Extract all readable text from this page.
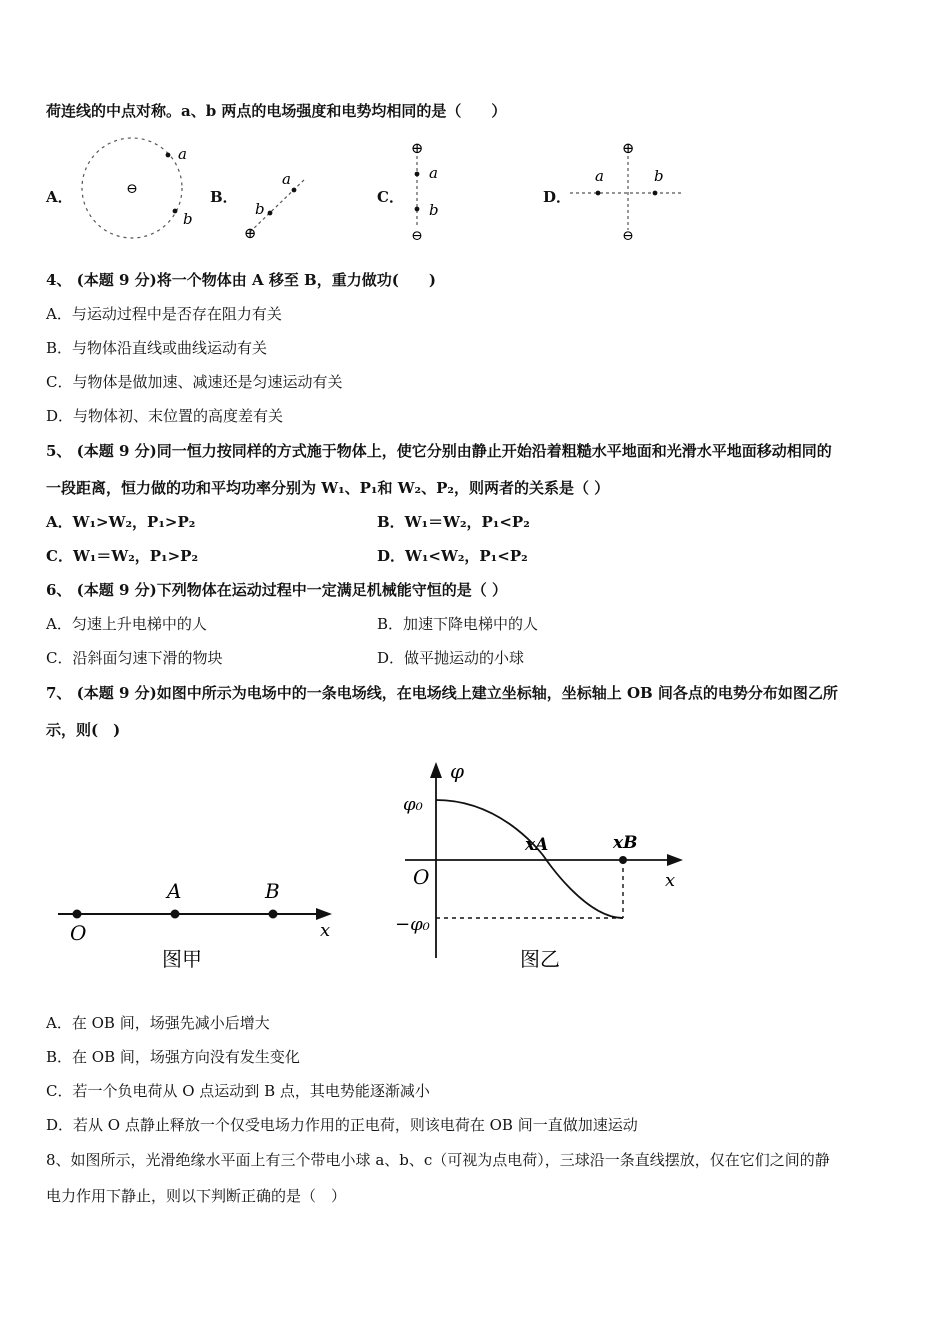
荷连线的中点对称。a、b 两点的电场强度和电势均相同的是（　　）
A．	⊖
a
b
B．
⊕
a
b
C．
⊕
⊖
a
b
D．
⊕
⊖
a	b
4、 (本题 9 分)将一个物体由 A 移至 B，重力做功(　　)
A．与运动过程中是否存在阻力有关
B．与物体沿直线或曲线运动有关
C．与物体是做加速、减速还是匀速运动有关
D．与物体初、末位置的高度差有关
5、 (本题 9 分)同一恒力按同样的方式施于物体上，使它分别由静止开始沿着粗糙水平地面和光滑水平地面移动相同的
一段距离，恒力做的功和平均功率分别为 W₁、P₁和 W₂、P₂，则两者的关系是（ ）
A．W₁>W₂，P₁>P₂	B．W₁＝W₂，P₁<P₂
C．W₁＝W₂，P₁>P₂	D．W₁<W₂，P₁<P₂
6、 (本题 9 分)下列物体在运动过程中一定满足机械能守恒的是（ ）
A．匀速上升电梯中的人	B．加速下降电梯中的人
C．沿斜面匀速下滑的物块	D．做平抛运动的小球
7、 (本题 9 分)如图中所示为电场中的一条电场线，在电场线上建立坐标轴，坐标轴上 OB 间各点的电势分布如图乙所
示，则(　)
O
A	B
x
图甲
φ
φ₀
−φ₀
O
xA	xB
x
图乙
A．在 OB 间，场强先减小后增大
B．在 OB 间，场强方向没有发生变化
C．若一个负电荷从 O 点运动到 B 点，其电势能逐渐减小
D．若从 O 点静止释放一个仅受电场力作用的正电荷，则该电荷在 OB 间一直做加速运动
8、如图所示，光滑绝缘水平面上有三个带电小球 a、b、c（可视为点电荷），三球沿一条直线摆放，仅在它们之间的静
电力作用下静止，则以下判断正确的是（　）
